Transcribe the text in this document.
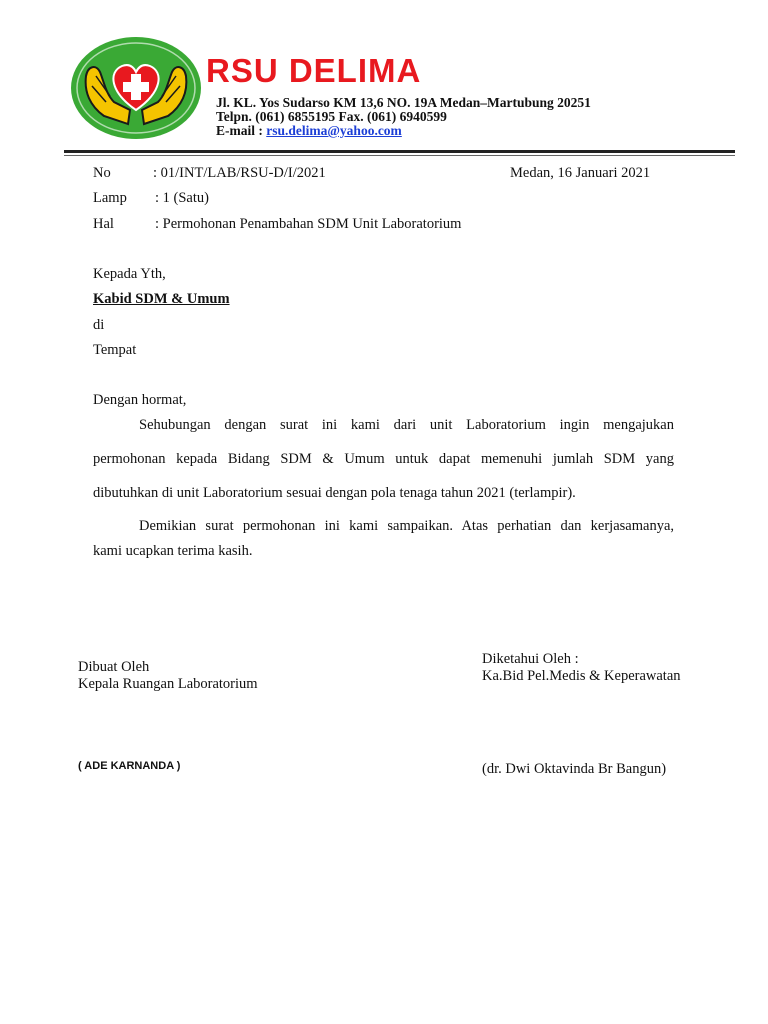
RSU DELIMA
Jl. KL. Yos Sudarso KM 13,6 NO. 19A Medan–Martubung 20251
Telpn. (061) 6855195 Fax. (061) 6940599
E-mail : rsu.delima@yahoo.com
No	: 01/INT/LAB/RSU-D/I/2021	Medan, 16 Januari 2021
Lamp : 1 (Satu)
Hal	: Permohonan Penambahan SDM Unit Laboratorium
Kepada Yth,
Kabid SDM & Umum
di
Tempat
Dengan hormat,
Sehubungan dengan surat ini kami dari unit Laboratorium ingin mengajukan
permohonan kepada Bidang SDM & Umum untuk dapat memenuhi jumlah SDM yang
dibutuhkan di unit Laboratorium sesuai dengan pola tenaga tahun 2021 (terlampir).
Demikian surat permohonan ini kami sampaikan. Atas perhatian dan kerjasamanya,
kami ucapkan terima kasih.
Dibuat Oleh
Kepala Ruangan Laboratorium
( ADE KARNANDA )
Diketahui Oleh :
Ka.Bid Pel.Medis & Keperawatan
(dr. Dwi Oktavinda Br Bangun)
